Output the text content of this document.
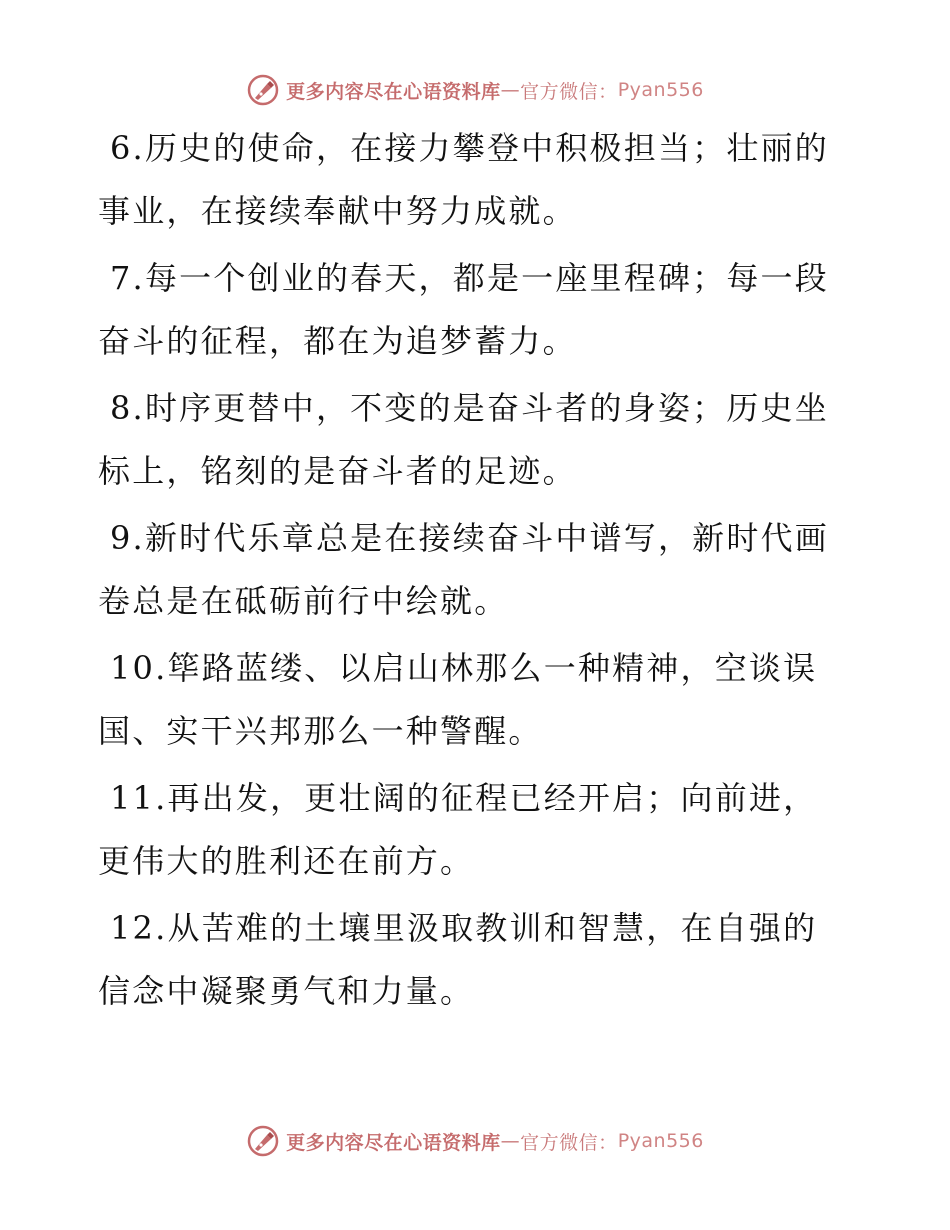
更多内容尽在心语资料库 — 官方微信： Pyan556

6.历史的使命，在接力攀登中积极担当；壮丽的事业，在接续奉献中努力成就。

7.每一个创业的春天，都是一座里程碑；每一段奋斗的征程，都在为追梦蓄力。

8.时序更替中，不变的是奋斗者的身姿；历史坐标上，铭刻的是奋斗者的足迹。

9.新时代乐章总是在接续奋斗中谱写，新时代画卷总是在砥砺前行中绘就。

10.筚路蓝缕、以启山林那么一种精神，空谈误国、实干兴邦那么一种警醒。

11.再出发，更壮阔的征程已经开启；向前进，更伟大的胜利还在前方。

12.从苦难的土壤里汲取教训和智慧，在自强的信念中凝聚勇气和力量。

更多内容尽在心语资料库 — 官方微信： Pyan556
